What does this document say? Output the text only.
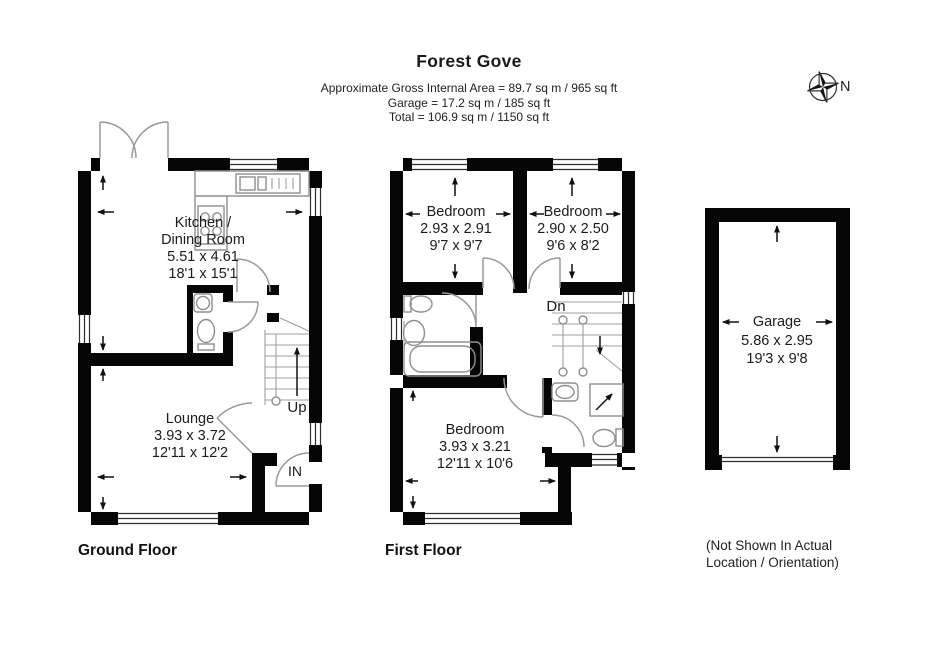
Forest Gove
Approximate Gross Internal Area = 89.7 sq m / 965 sq ft
Garage = 17.2 sq m / 185 sq ft
Total = 106.9 sq m / 1150 sq ft
N
Kitchen /
Dining Room
5.51 x 4.61
18'1 x 15'1
Lounge
3.93 x 3.72
12'11 x 12'2
Up
IN
Bedroom
2.93 x 2.91
9'7 x 9'7
Bedroom
2.90 x 2.50
9'6 x 8'2
Bedroom
3.93 x 3.21
12'11 x 10'6
Dn
Garage
5.86 x 2.95
19'3 x 9'8
(Not Shown In Actual
Location / Orientation)
Ground Floor	First Floor
